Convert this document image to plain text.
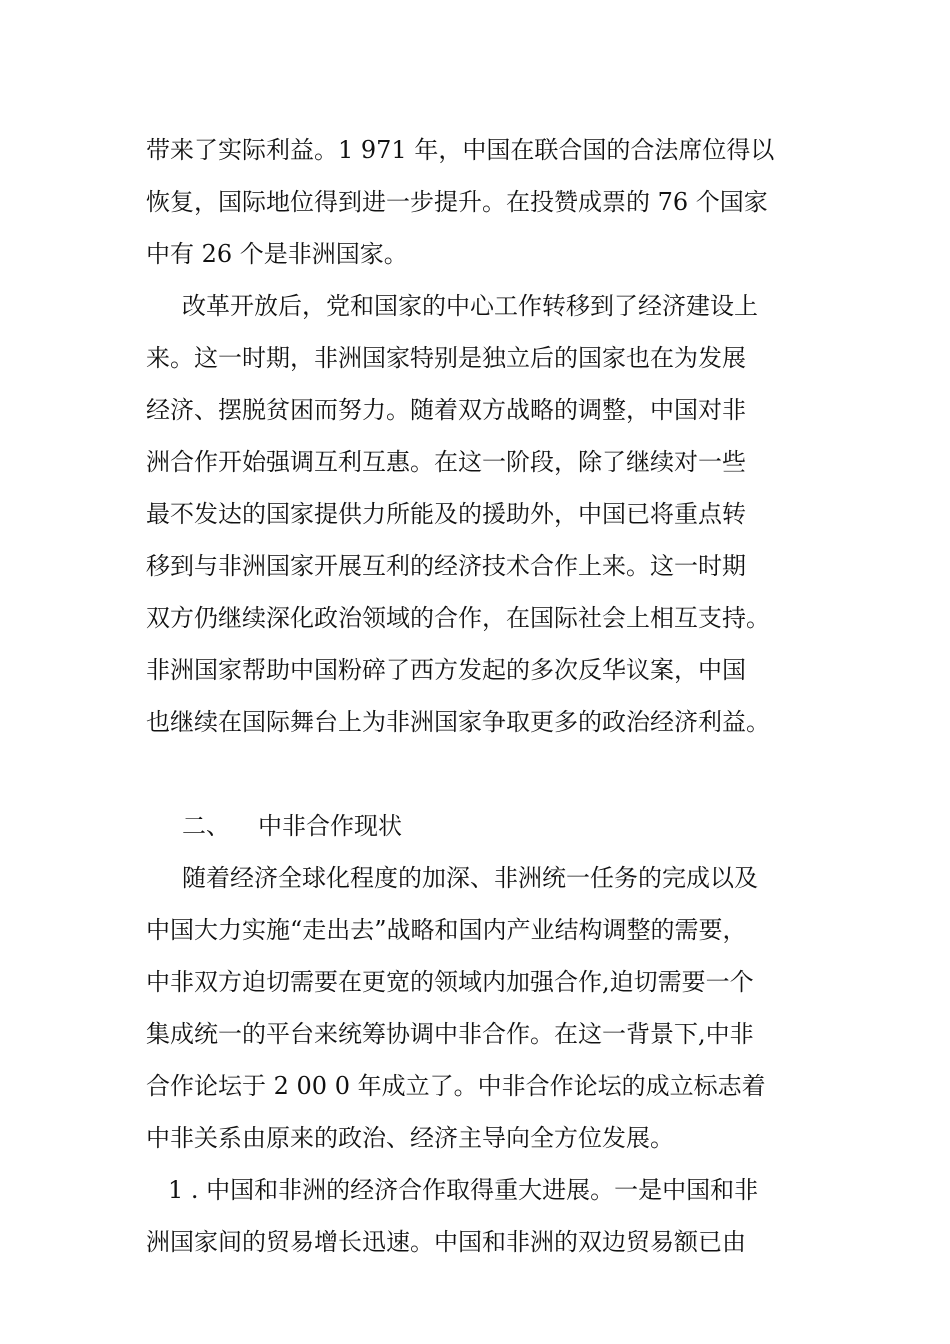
带来了实际利益。1 971 年，中国在联合国的合法席位得以
恢复，国际地位得到进一步提升。在投赞成票的 76 个国家
中有 26 个是非洲国家。
改革开放后，党和国家的中心工作转移到了经济建设上
来。这一时期，非洲国家特别是独立后的国家也在为发展
经济、摆脱贫困而努力。随着双方战略的调整，中国对非
洲合作开始强调互利互惠。在这一阶段，除了继续对一些
最不发达的国家提供力所能及的援助外，中国已将重点转
移到与非洲国家开展互利的经济技术合作上来。这一时期
双方仍继续深化政治领域的合作，在国际社会上相互支持。
非洲国家帮助中国粉碎了西方发起的多次反华议案，中国
也继续在国际舞台上为非洲国家争取更多的政治经济利益。
二、 中非合作现状
随着经济全球化程度的加深、非洲统一任务的完成以及
中国大力实施“走出去”战略和国内产业结构调整的需要，
中非双方迫切需要在更宽的领域内加强合作,迫切需要一个
集成统一的平台来统筹协调中非合作。在这一背景下,中非
合作论坛于 2 00 0 年成立了。中非合作论坛的成立标志着
中非关系由原来的政治、经济主导向全方位发展。
1 . 中国和非洲的经济合作取得重大进展。一是中国和非
洲国家间的贸易增长迅速。中国和非洲的双边贸易额已由
